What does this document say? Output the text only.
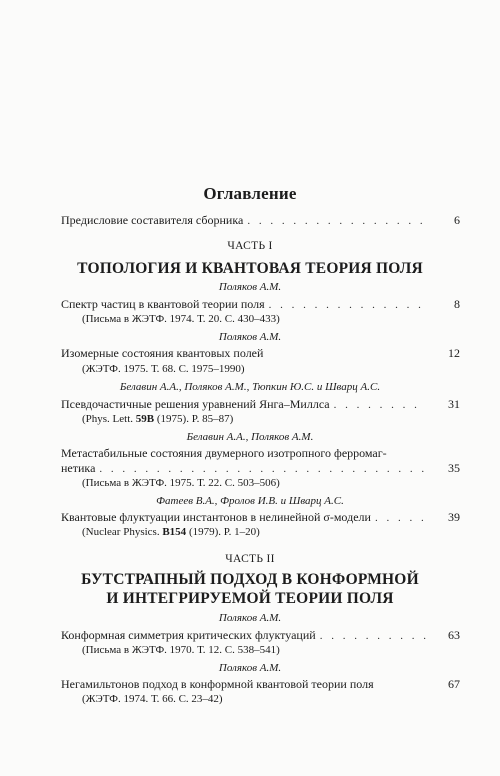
Оглавление
Предисловие составителя сборника . . .	6
ЧАСТЬ I
ТОПОЛОГИЯ И КВАНТОВАЯ ТЕОРИЯ ПОЛЯ
Поляков А.М.
Спектр частиц в квантовой теории поля . . .	8
(Письма в ЖЭТФ. 1974. Т. 20. С. 430–433)
Поляков А.М.
Изомерные состояния квантовых полей	12
(ЖЭТФ. 1975. Т. 68. С. 1975–1990)
Белавин А.А., Поляков А.М., Тюпкин Ю.С. и Шварц А.С.
Псевдочастичные решения уравнений Янга–Миллса . . .	31
(Phys. Lett. 59B (1975). P. 85–87)
Белавин А.А., Поляков А.М.
Метастабильные состояния двумерного изотропного ферромаг-
нетика . . .	35
(Письма в ЖЭТФ. 1975. Т. 22. С. 503–506)
Фатеев В.А., Фролов И.В. и Шварц А.С.
Квантовые флуктуации инстантонов в нелинейной σ-модели . . .	39
(Nuclear Physics. B154 (1979). P. 1–20)
ЧАСТЬ II
БУТСТРАПНЫЙ ПОДХОД В КОНФОРМНОЙ
И ИНТЕГРИРУЕМОЙ ТЕОРИИ ПОЛЯ
Поляков А.М.
Конформная симметрия критических флуктуаций . . .	63
(Письма в ЖЭТФ. 1970. Т. 12. С. 538–541)
Поляков А.М.
Негамильтонов подход в конформной квантовой теории поля	67
(ЖЭТФ. 1974. Т. 66. С. 23–42)
